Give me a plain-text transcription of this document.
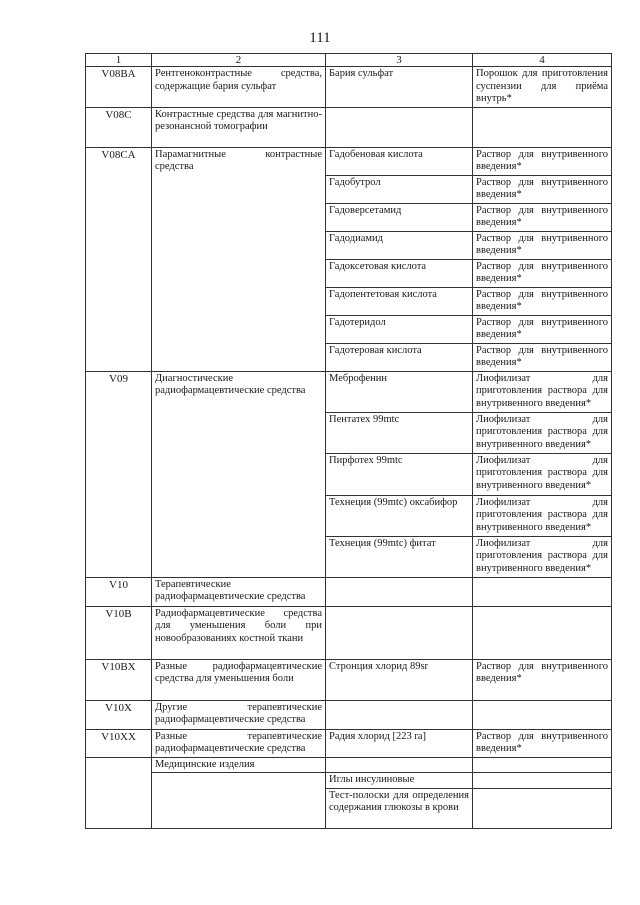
111
1	2	3	4
V08BA	Рентгеноконтрастные средства, содержащие бария сульфат	Бария сульфат	Порошок для приготовления суспензии для приёма внутрь*
V08C	Контрастные средства для магнитно-резонансной томографии		
V08CA	Парамагнитные контрастные средства	Гадобеновая кислота	Раствор для внутривенного введения*
		Гадобутрол	Раствор для внутривенного введения*
		Гадоверсетамид	Раствор для внутривенного введения*
		Гадодиамид	Раствор для внутривенного введения*
		Гадоксетовая кислота	Раствор для внутривенного введения*
		Гадопентетовая кислота	Раствор для внутривенного введения*
		Гадотеридол	Раствор для внутривенного введения*
		Гадотеровая кислота	Раствор для внутривенного введения*
V09	Диагностические радиофармацевтические средства	Меброфенин	Лиофилизат для приготовления раствора для внутривенного введения*
		Пентатех 99mtc	Лиофилизат для приготовления раствора для внутривенного введения*
		Пирфотех 99mtc	Лиофилизат для приготовления раствора для внутривенного введения*
		Технеция (99mtc) оксабифор	Лиофилизат для приготовления раствора для внутривенного введения*
		Технеция (99mtc) фитат	Лиофилизат для приготовления раствора для внутривенного введения*
V10	Терапевтические радиофармацевтические средства		
V10B	Радиофармацевтические средства для уменьшения боли при новообразованиях костной ткани		
V10BX	Разные радиофармацевтические средства для уменьшения боли	Стронция хлорид 89sr	Раствор для внутривенного введения*
V10X	Другие терапевтические радиофармацевтические средства		
V10XX	Разные терапевтические радиофармацевтические средства	Радия хлорид [223 ra]	Раствор для внутривенного введения*
	Медицинские изделия		
		Иглы инсулиновые	
		Тест-полоски для определения содержания глюкозы в крови	
